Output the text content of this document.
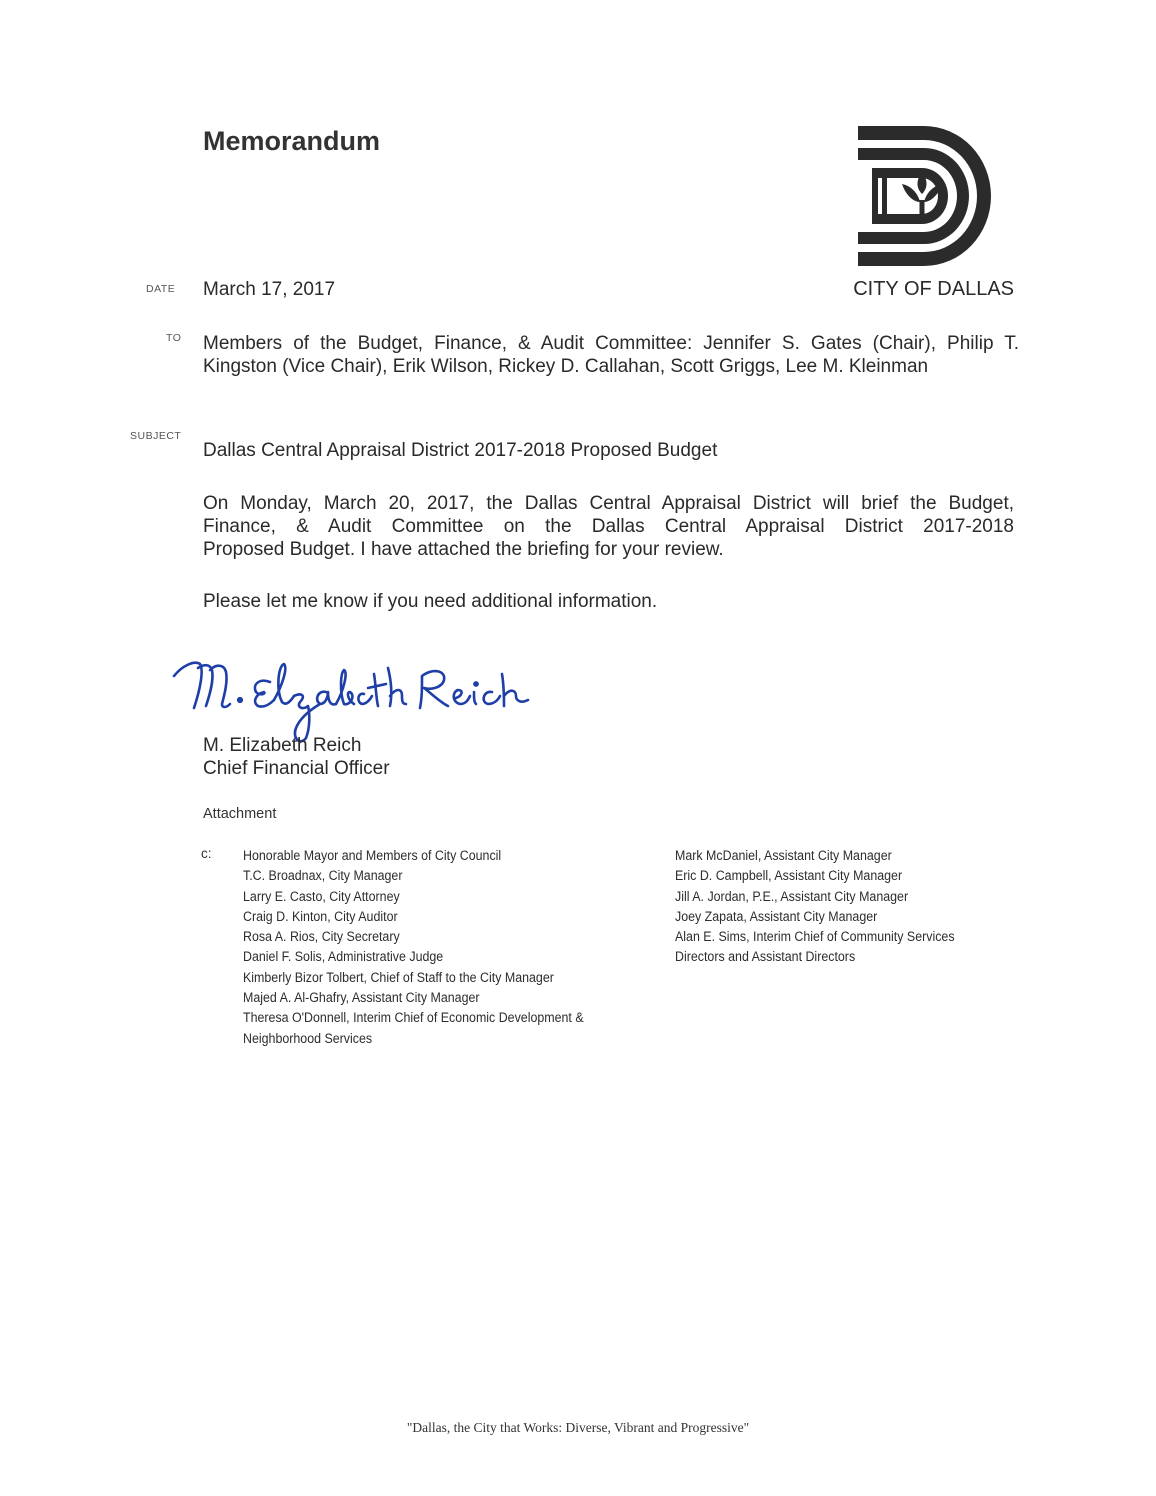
Memorandum
CITY OF DALLAS
DATE March 17, 2017
TO Members of the Budget, Finance, & Audit Committee: Jennifer S. Gates (Chair), Philip T. Kingston (Vice Chair), Erik Wilson, Rickey D. Callahan, Scott Griggs, Lee M. Kleinman
SUBJECT
Dallas Central Appraisal District 2017-2018 Proposed Budget
On Monday, March 20, 2017, the Dallas Central Appraisal District will brief the Budget,
Finance, & Audit Committee on the Dallas Central Appraisal District 2017-2018
Proposed Budget. I have attached the briefing for your review.
Please let me know if you need additional information.
M. Elizabeth Reich
Chief Financial Officer
Attachment
c: Honorable Mayor and Members of City Council
T.C. Broadnax, City Manager
Larry E. Casto, City Attorney
Craig D. Kinton, City Auditor
Rosa A. Rios, City Secretary
Daniel F. Solis, Administrative Judge
Kimberly Bizor Tolbert, Chief of Staff to the City Manager
Majed A. Al-Ghafry, Assistant City Manager
Theresa O'Donnell, Interim Chief of Economic Development &
Neighborhood Services
Mark McDaniel, Assistant City Manager
Eric D. Campbell, Assistant City Manager
Jill A. Jordan, P.E., Assistant City Manager
Joey Zapata, Assistant City Manager
Alan E. Sims, Interim Chief of Community Services
Directors and Assistant Directors
"Dallas, the City that Works: Diverse, Vibrant and Progressive"
